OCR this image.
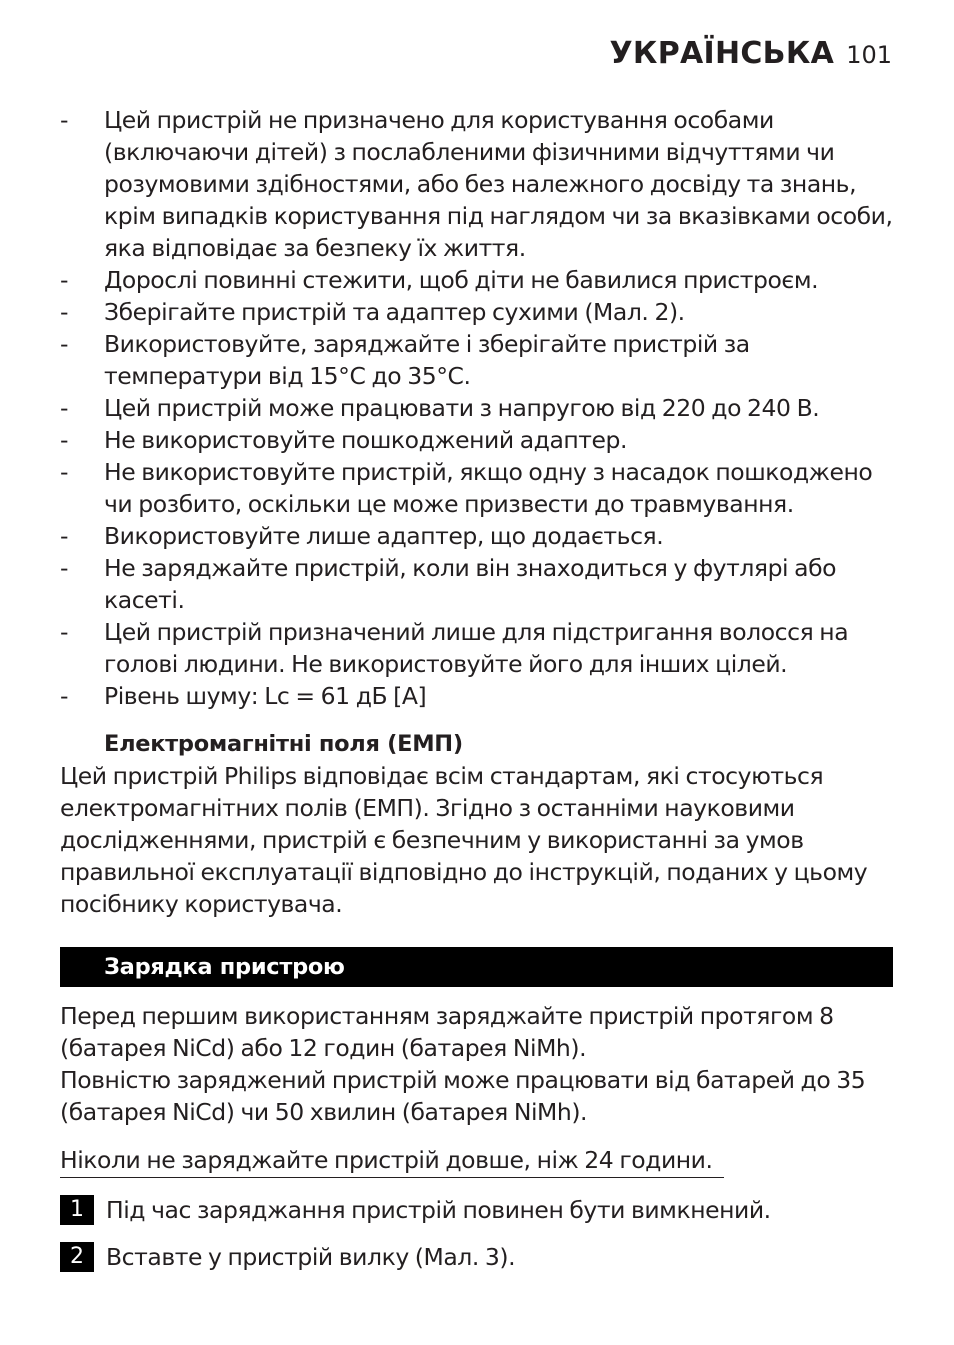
УКРАЇНСЬКА 101
- Цей пристрій не призначено для користування особами (включаючи дітей) з послабленими фізичними відчуттями чи розумовими здібностями, або без належного досвіду та знань, крім випадків користування під наглядом чи за вказівками особи, яка відповідає за безпеку їх життя.
- Дорослі повинні стежити, щоб діти не бавилися пристроєм.
- Зберігайте пристрій та адаптер сухими (Мал. 2).
- Використовуйте, заряджайте і зберігайте пристрій за температури від 15°C до 35°C.
- Цей пристрій може працювати з напругою від 220 до 240 В.
- Не використовуйте пошкоджений адаптер.
- Не використовуйте пристрій, якщо одну з насадок пошкоджено чи розбито, оскільки це може призвести до травмування.
- Використовуйте лише адаптер, що додається.
- Не заряджайте пристрій, коли він знаходиться у футлярі або касеті.
- Цей пристрій призначений лише для підстригання волосся на голові людини. Не використовуйте його для інших цілей.
- Рівень шуму: Lc = 61 дБ [A]
Електромагнітні поля (ЕМП)
Цей пристрій Philips відповідає всім стандартам, які стосуються електромагнітних полів (ЕМП). Згідно з останніми науковими дослідженнями, пристрій є безпечним у використанні за умов правильної експлуатації відповідно до інструкцій, поданих у цьому посібнику користувача.
Зарядка пристрою
Перед першим використанням заряджайте пристрій протягом 8 (батарея NiCd) або 12 годин (батарея NiMh).
Повністю заряджений пристрій може працювати від батарей до 35 (батарея NiCd) чи 50 хвилин (батарея NiMh).
Ніколи не заряджайте пристрій довше, ніж 24 години.
1 Під час заряджання пристрій повинен бути вимкнений.
2 Вставте у пристрій вилку (Мал. 3).
